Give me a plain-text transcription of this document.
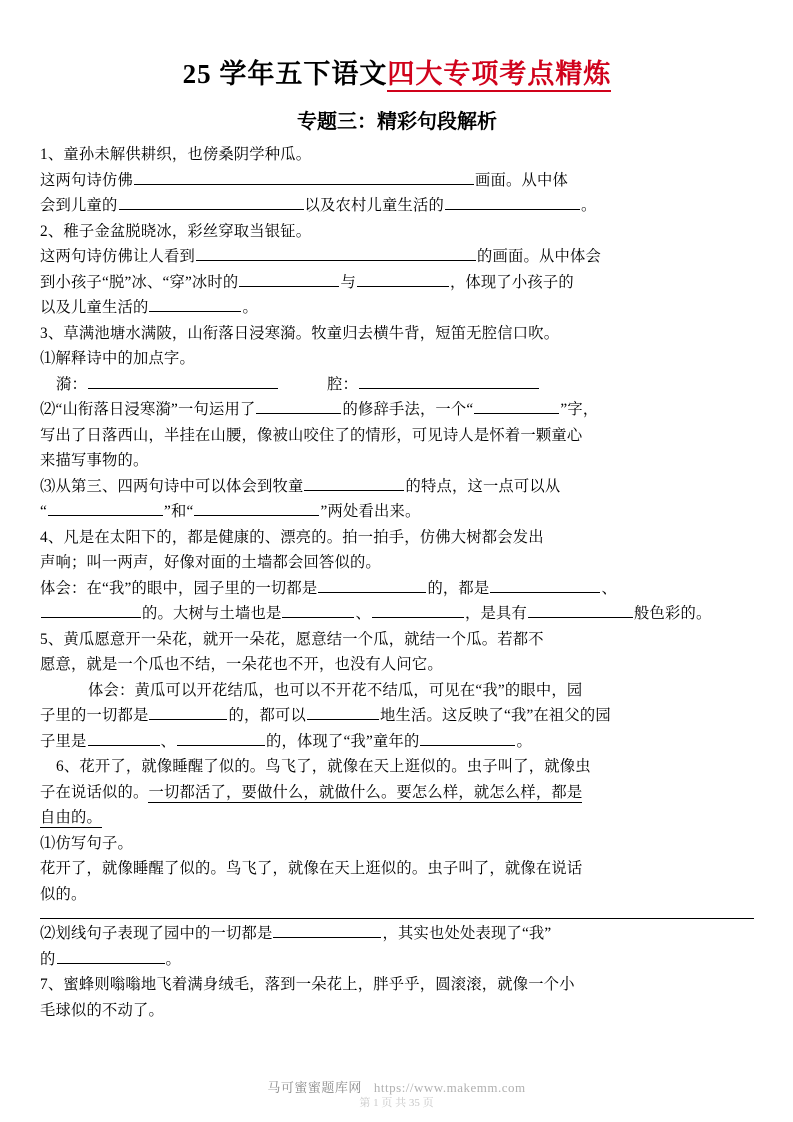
25 学年五下语文四大专项考点精炼
专题三：精彩句段解析
1、童孙未解供耕织，也傍桑阴学种瓜。
这两句诗仿佛	画面。从中体
会到儿童的	以及农村儿童生活的	。
2、稚子金盆脱晓冰，彩丝穿取当银钲。
这两句诗仿佛让人看到	的画面。从中体会
到小孩子“脱”冰、“穿”冰时的	与	，体现了小孩子的
以及儿童生活的	。
3、草满池塘水满陂，山衔落日浸寒漪。牧童归去横牛背，短笛无腔信口吹。
⑴解释诗中的加点字。
漪：	腔：
⑵“山衔落日浸寒漪”一句运用了	的修辞手法，一个“	”字，
写出了日落西山，半挂在山腰，像被山咬住了的情形，可见诗人是怀着一颗童心
来描写事物的。
⑶从第三、四两句诗中可以体会到牧童	的特点，这一点可以从
“	”和“	”两处看出来。
4、凡是在太阳下的，都是健康的、漂亮的。拍一拍手，仿佛大树都会发出
声响；叫一两声，好像对面的土墙都会回答似的。
体会：在“我”的眼中，园子里的一切都是	的，都是	、
的。大树与土墙也是	、	，是具有	般色彩的。
5、黄瓜愿意开一朵花，就开一朵花，愿意结一个瓜，就结一个瓜。若都不
愿意，就是一个瓜也不结，一朵花也不开，也没有人问它。
体会：黄瓜可以开花结瓜，也可以不开花不结瓜，可见在“我”的眼中，园
子里的一切都是	的，都可以	地生活。这反映了“我”在祖父的园
子里是	、	的，体现了“我”童年的	。
6、花开了，就像睡醒了似的。鸟飞了，就像在天上逛似的。虫子叫了，就像虫
子在说话似的。一切都活了，要做什么，就做什么。要怎么样，就怎么样，都是
自由的。
⑴仿写句子。
花开了，就像睡醒了似的。鸟飞了，就像在天上逛似的。虫子叫了，就像在说话
似的。
⑵划线句子表现了园中的一切都是	，其实也处处表现了“我”
的	。
7、蜜蜂则嗡嗡地飞着满身绒毛，落到一朵花上，胖乎乎，圆滚滚，就像一个小
毛球似的不动了。
马可蜜蜜题库网 https://www.makemm.com
第 1 页 共 35 页
